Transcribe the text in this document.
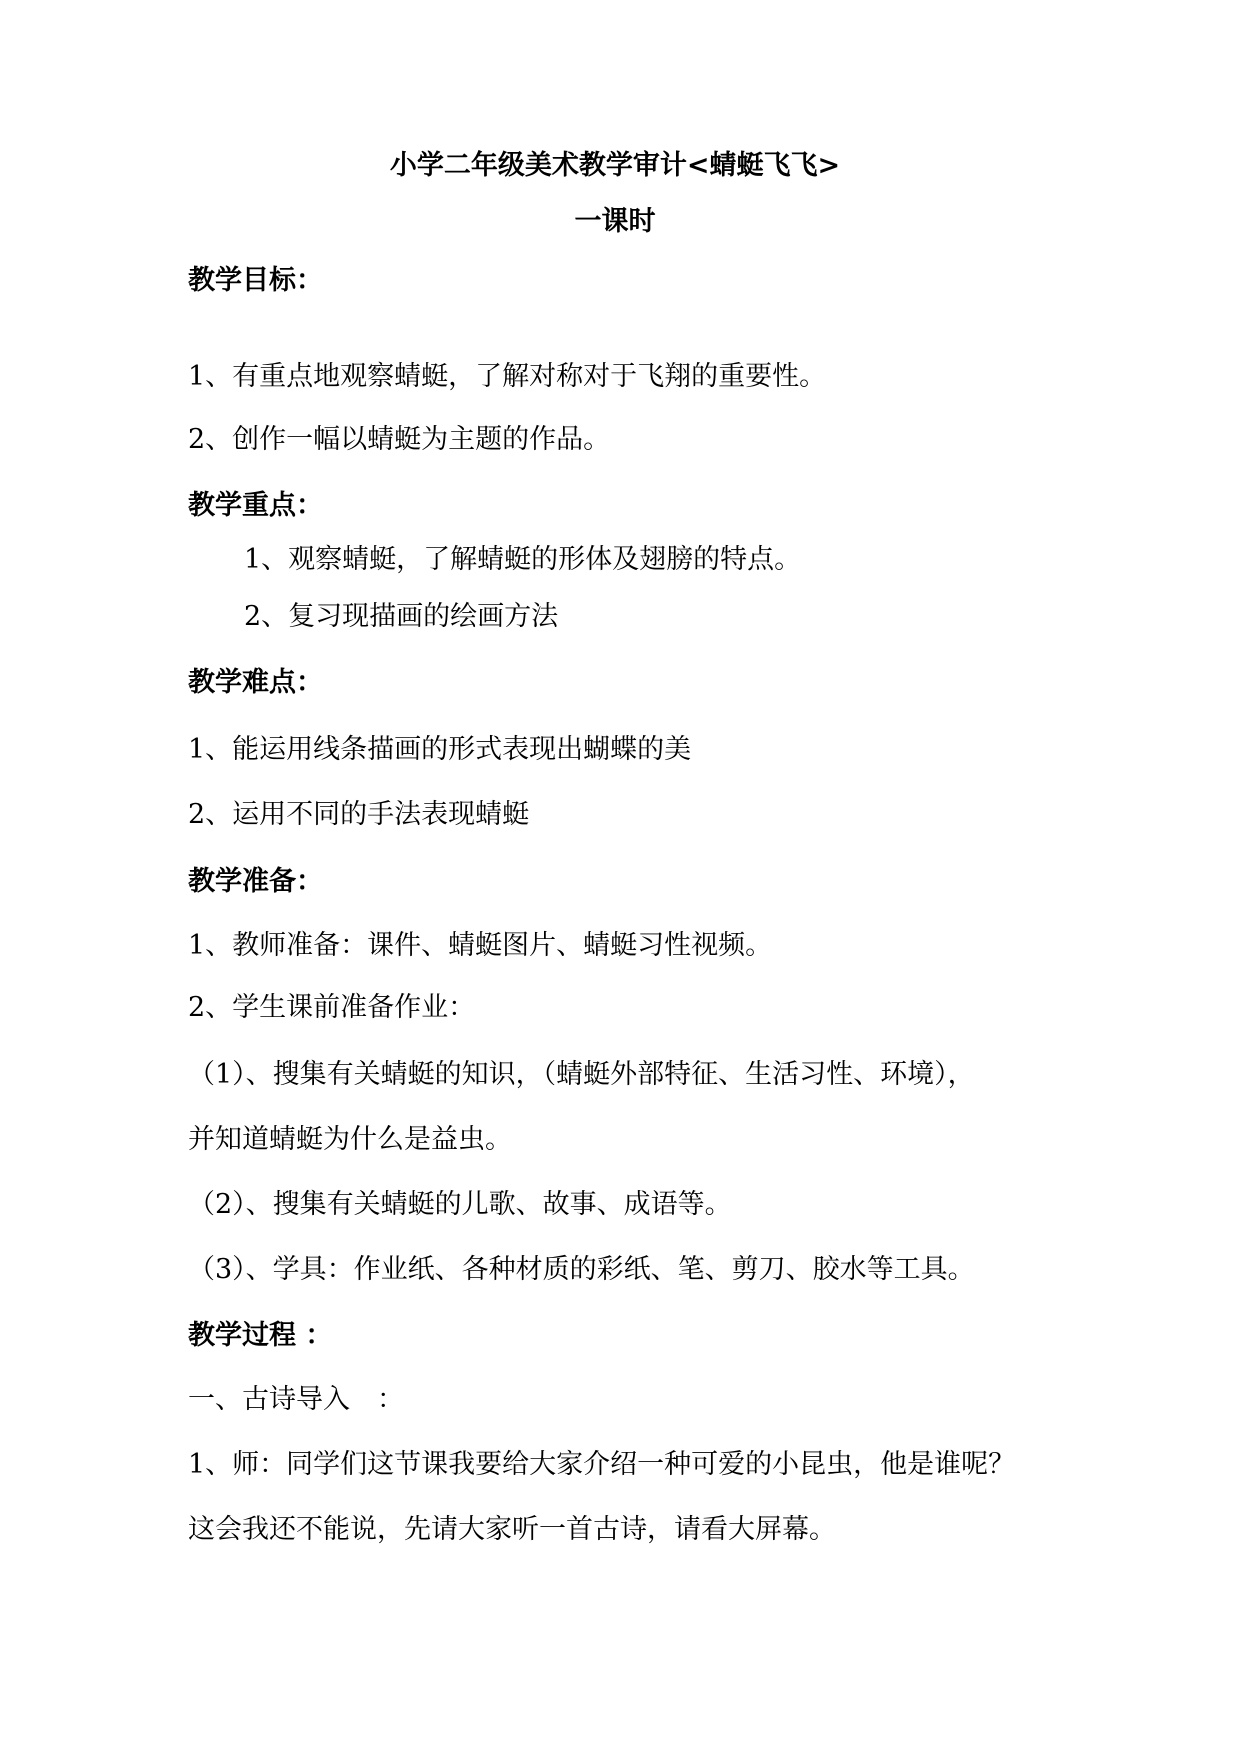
小学二年级美术教学审计<蜻蜓飞飞>
一课时
教学目标：
1、有重点地观察蜻蜓，了解对称对于飞翔的重要性。
2、创作一幅以蜻蜓为主题的作品。
教学重点：
1、观察蜻蜓，了解蜻蜓的形体及翅膀的特点。
2、复习现描画的绘画方法
教学难点：
1、能运用线条描画的形式表现出蝴蝶的美
2、运用不同的手法表现蜻蜓
教学准备：
1、教师准备：课件、蜻蜓图片、蜻蜓习性视频。
2、学生课前准备作业：
（1）、搜集有关蜻蜓的知识，（蜻蜓外部特征、生活习性、环境），
并知道蜻蜓为什么是益虫。
（2）、搜集有关蜻蜓的儿歌、故事、成语等。
（3）、学具：作业纸、各种材质的彩纸、笔、剪刀、胶水等工具。
教学过程 ：
一、古诗导入　：
1、师：同学们这节课我要给大家介绍一种可爱的小昆虫，他是谁呢？
这会我还不能说，先请大家听一首古诗，请看大屏幕。
